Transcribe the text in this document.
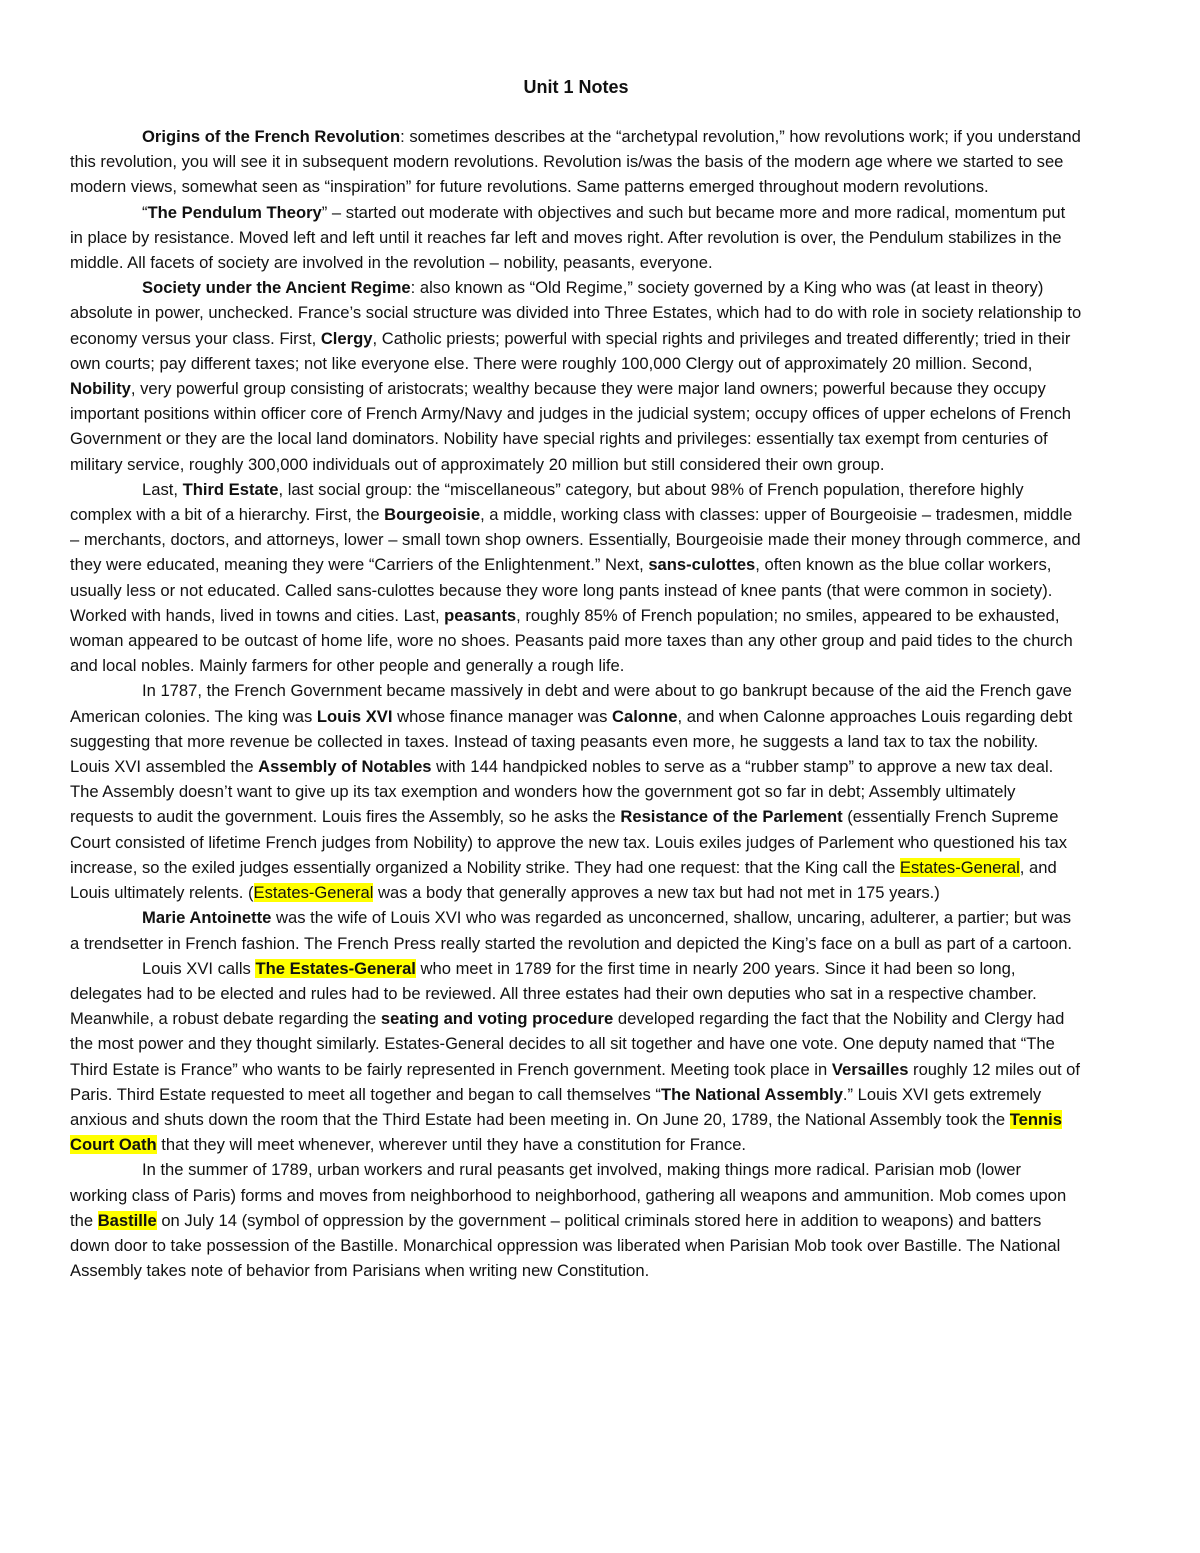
Unit 1 Notes

Origins of the French Revolution: sometimes describes at the “archetypal revolution,” how revolutions work; if you understand this revolution, you will see it in subsequent modern revolutions. Revolution is/was the basis of the modern age where we started to see modern views, somewhat seen as “inspiration” for future revolutions. Same patterns emerged throughout modern revolutions.

“The Pendulum Theory” – started out moderate with objectives and such but became more and more radical, momentum put in place by resistance. Moved left and left until it reaches far left and moves right. After revolution is over, the Pendulum stabilizes in the middle. All facets of society are involved in the revolution – nobility, peasants, everyone.

Society under the Ancient Regime: also known as “Old Regime,” society governed by a King who was (at least in theory) absolute in power, unchecked. France’s social structure was divided into Three Estates, which had to do with role in society relationship to economy versus your class. First, Clergy, Catholic priests; powerful with special rights and privileges and treated differently; tried in their own courts; pay different taxes; not like everyone else. There were roughly 100,000 Clergy out of approximately 20 million. Second, Nobility, very powerful group consisting of aristocrats; wealthy because they were major land owners; powerful because they occupy important positions within officer core of French Army/Navy and judges in the judicial system; occupy offices of upper echelons of French Government or they are the local land dominators. Nobility have special rights and privileges: essentially tax exempt from centuries of military service, roughly 300,000 individuals out of approximately 20 million but still considered their own group.

Last, Third Estate, last social group: the “miscellaneous” category, but about 98% of French population, therefore highly complex with a bit of a hierarchy. First, the Bourgeoisie, a middle, working class with classes: upper of Bourgeoisie – tradesmen, middle – merchants, doctors, and attorneys, lower – small town shop owners. Essentially, Bourgeoisie made their money through commerce, and they were educated, meaning they were “Carriers of the Enlightenment.” Next, sans-culottes, often known as the blue collar workers, usually less or not educated. Called sans-culottes because they wore long pants instead of knee pants (that were common in society). Worked with hands, lived in towns and cities. Last, peasants, roughly 85% of French population; no smiles, appeared to be exhausted, woman appeared to be outcast of home life, wore no shoes. Peasants paid more taxes than any other group and paid tides to the church and local nobles. Mainly farmers for other people and generally a rough life.

In 1787, the French Government became massively in debt and were about to go bankrupt because of the aid the French gave American colonies. The king was Louis XVI whose finance manager was Calonne, and when Calonne approaches Louis regarding debt suggesting that more revenue be collected in taxes. Instead of taxing peasants even more, he suggests a land tax to tax the nobility. Louis XVI assembled the Assembly of Notables with 144 handpicked nobles to serve as a “rubber stamp” to approve a new tax deal. The Assembly doesn’t want to give up its tax exemption and wonders how the government got so far in debt; Assembly ultimately requests to audit the government. Louis fires the Assembly, so he asks the Resistance of the Parlement (essentially French Supreme Court consisted of lifetime French judges from Nobility) to approve the new tax. Louis exiles judges of Parlement who questioned his tax increase, so the exiled judges essentially organized a Nobility strike. They had one request: that the King call the Estates-General, and Louis ultimately relents. (Estates-General was a body that generally approves a new tax but had not met in 175 years.)

Marie Antoinette was the wife of Louis XVI who was regarded as unconcerned, shallow, uncaring, adulterer, a partier; but was a trendsetter in French fashion. The French Press really started the revolution and depicted the King’s face on a bull as part of a cartoon.

Louis XVI calls The Estates-General who meet in 1789 for the first time in nearly 200 years. Since it had been so long, delegates had to be elected and rules had to be reviewed. All three estates had their own deputies who sat in a respective chamber. Meanwhile, a robust debate regarding the seating and voting procedure developed regarding the fact that the Nobility and Clergy had the most power and they thought similarly. Estates-General decides to all sit together and have one vote. One deputy named that “The Third Estate is France” who wants to be fairly represented in French government. Meeting took place in Versailles roughly 12 miles out of Paris. Third Estate requested to meet all together and began to call themselves “The National Assembly.” Louis XVI gets extremely anxious and shuts down the room that the Third Estate had been meeting in. On June 20, 1789, the National Assembly took the Tennis Court Oath that they will meet whenever, wherever until they have a constitution for France.

In the summer of 1789, urban workers and rural peasants get involved, making things more radical. Parisian mob (lower working class of Paris) forms and moves from neighborhood to neighborhood, gathering all weapons and ammunition. Mob comes upon the Bastille on July 14 (symbol of oppression by the government – political criminals stored here in addition to weapons) and batters down door to take possession of the Bastille. Monarchical oppression was liberated when Parisian Mob took over Bastille. The National Assembly takes note of behavior from Parisians when writing new Constitution.
